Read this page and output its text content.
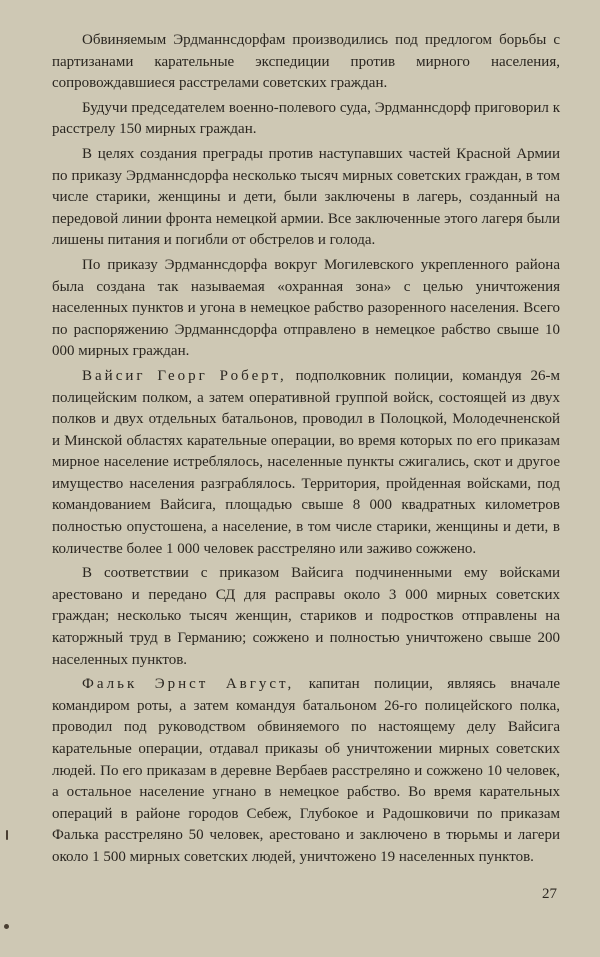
Обвиняемым Эрдманнсдорфам производились под предлогом борьбы с партизанами карательные экспедиции против мирного населения, сопровождавшиеся расстрелами советских граждан.

Будучи председателем военно-полевого суда, Эрдманнсдорф приговорил к расстрелу 150 мирных граждан.

В целях создания преграды против наступавших частей Красной Армии по приказу Эрдманнсдорфа несколько тысяч мирных советских граждан, в том числе старики, женщины и дети, были заключены в лагерь, созданный на передовой линии фронта немецкой армии. Все заключенные этого лагеря были лишены питания и погибли от обстрелов и голода.

По приказу Эрдманнсдорфа вокруг Могилевского укрепленного района была создана так называемая «охранная зона» с целью уничтожения населенных пунктов и угона в немецкое рабство разоренного населения. Всего по распоряжению Эрдманнсдорфа отправлено в немецкое рабство свыше 10 000 мирных граждан.

Вайсиг Георг Роберт, подполковник полиции, командуя 26-м полицейским полком, а затем оперативной группой войск, состоящей из двух полков и двух отдельных батальонов, проводил в Полоцкой, Молодечненской и Минской областях карательные операции, во время которых по его приказам мирное население истреблялось, населенные пункты сжигались, скот и другое имущество населения разграблялось. Территория, пройденная войсками, под командованием Вайсига, площадью свыше 8 000 квадратных километров полностью опустошена, а население, в том числе старики, женщины и дети, в количестве более 1 000 человек расстреляно или заживо сожжено.

В соответствии с приказом Вайсига подчиненными ему войсками арестовано и передано СД для расправы около 3 000 мирных советских граждан; несколько тысяч женщин, стариков и подростков отправлены на каторжный труд в Германию; сожжено и полностью уничтожено свыше 200 населенных пунктов.

Фальк Эрнст Август, капитан полиции, являясь вначале командиром роты, а затем командуя батальоном 26-го полицейского полка, проводил под руководством обвиняемого по настоящему делу Вайсига карательные операции, отдавал приказы об уничтожении мирных советских людей. По его приказам в деревне Вербаев расстреляно и сожжено 10 человек, а остальное население угнано в немецкое рабство. Во время карательных операций в районе городов Себеж, Глубокое и Радошковичи по приказам Фалька расстреляно 50 человек, арестовано и заключено в тюрьмы и лагери около 1 500 мирных советских людей, уничтожено 19 населенных пунктов.

27
